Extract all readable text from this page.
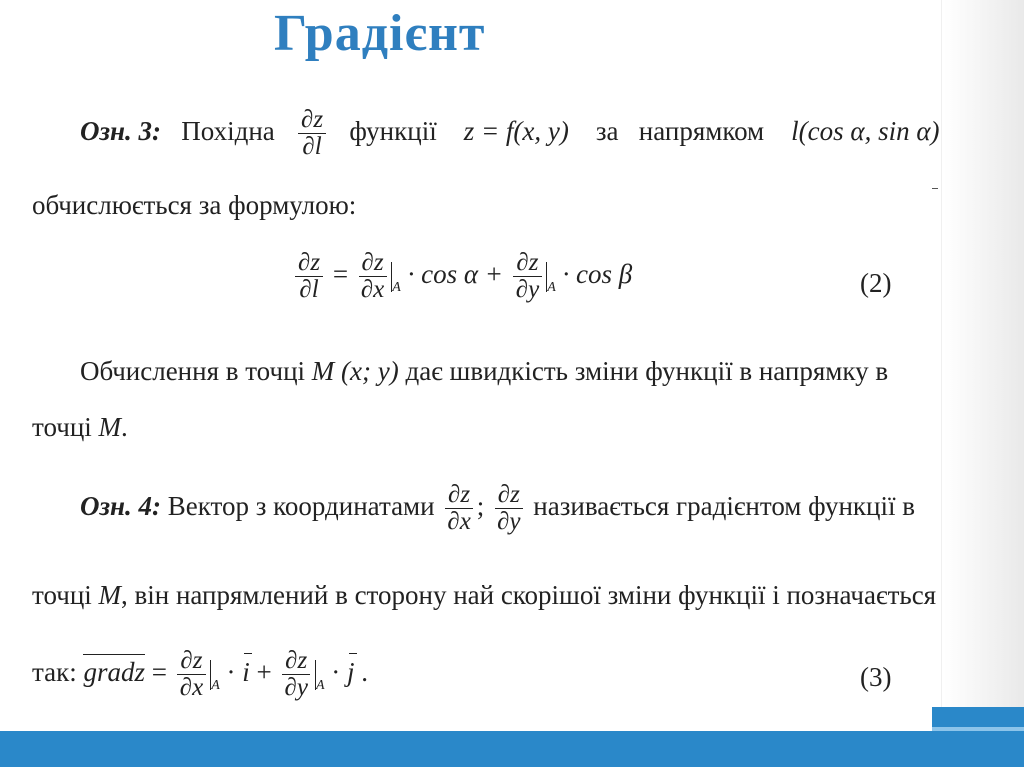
Градієнт
Озн. 3: Похідна $\frac{\partial z}{\partial l}$ функції z = f(x, y) за напрямком l(cos α, sin α)
обчислюється за формулою:
$\frac{\partial z}{\partial l} = \frac{\partial z}{\partial x} _A \cdot \cos \alpha + \frac{\partial z}{\partial y} _A \cdot \cos \beta$	(2)
Обчислення в точці M (x; y) дає швидкість зміни функції в напрямку в
точці M.
Озн. 4: Вектор з координатами $\frac{\partial z}{\partial x}$ ; $\frac{\partial z}{\partial y}$ називається градієнтом функції в
точці M, він напрямлений в сторону най скорішої зміни функції і позначається
так: gradz = $\frac{\partial z}{\partial x} _A \cdot i + \frac{\partial z}{\partial y} _A \cdot j$ .	(3)
